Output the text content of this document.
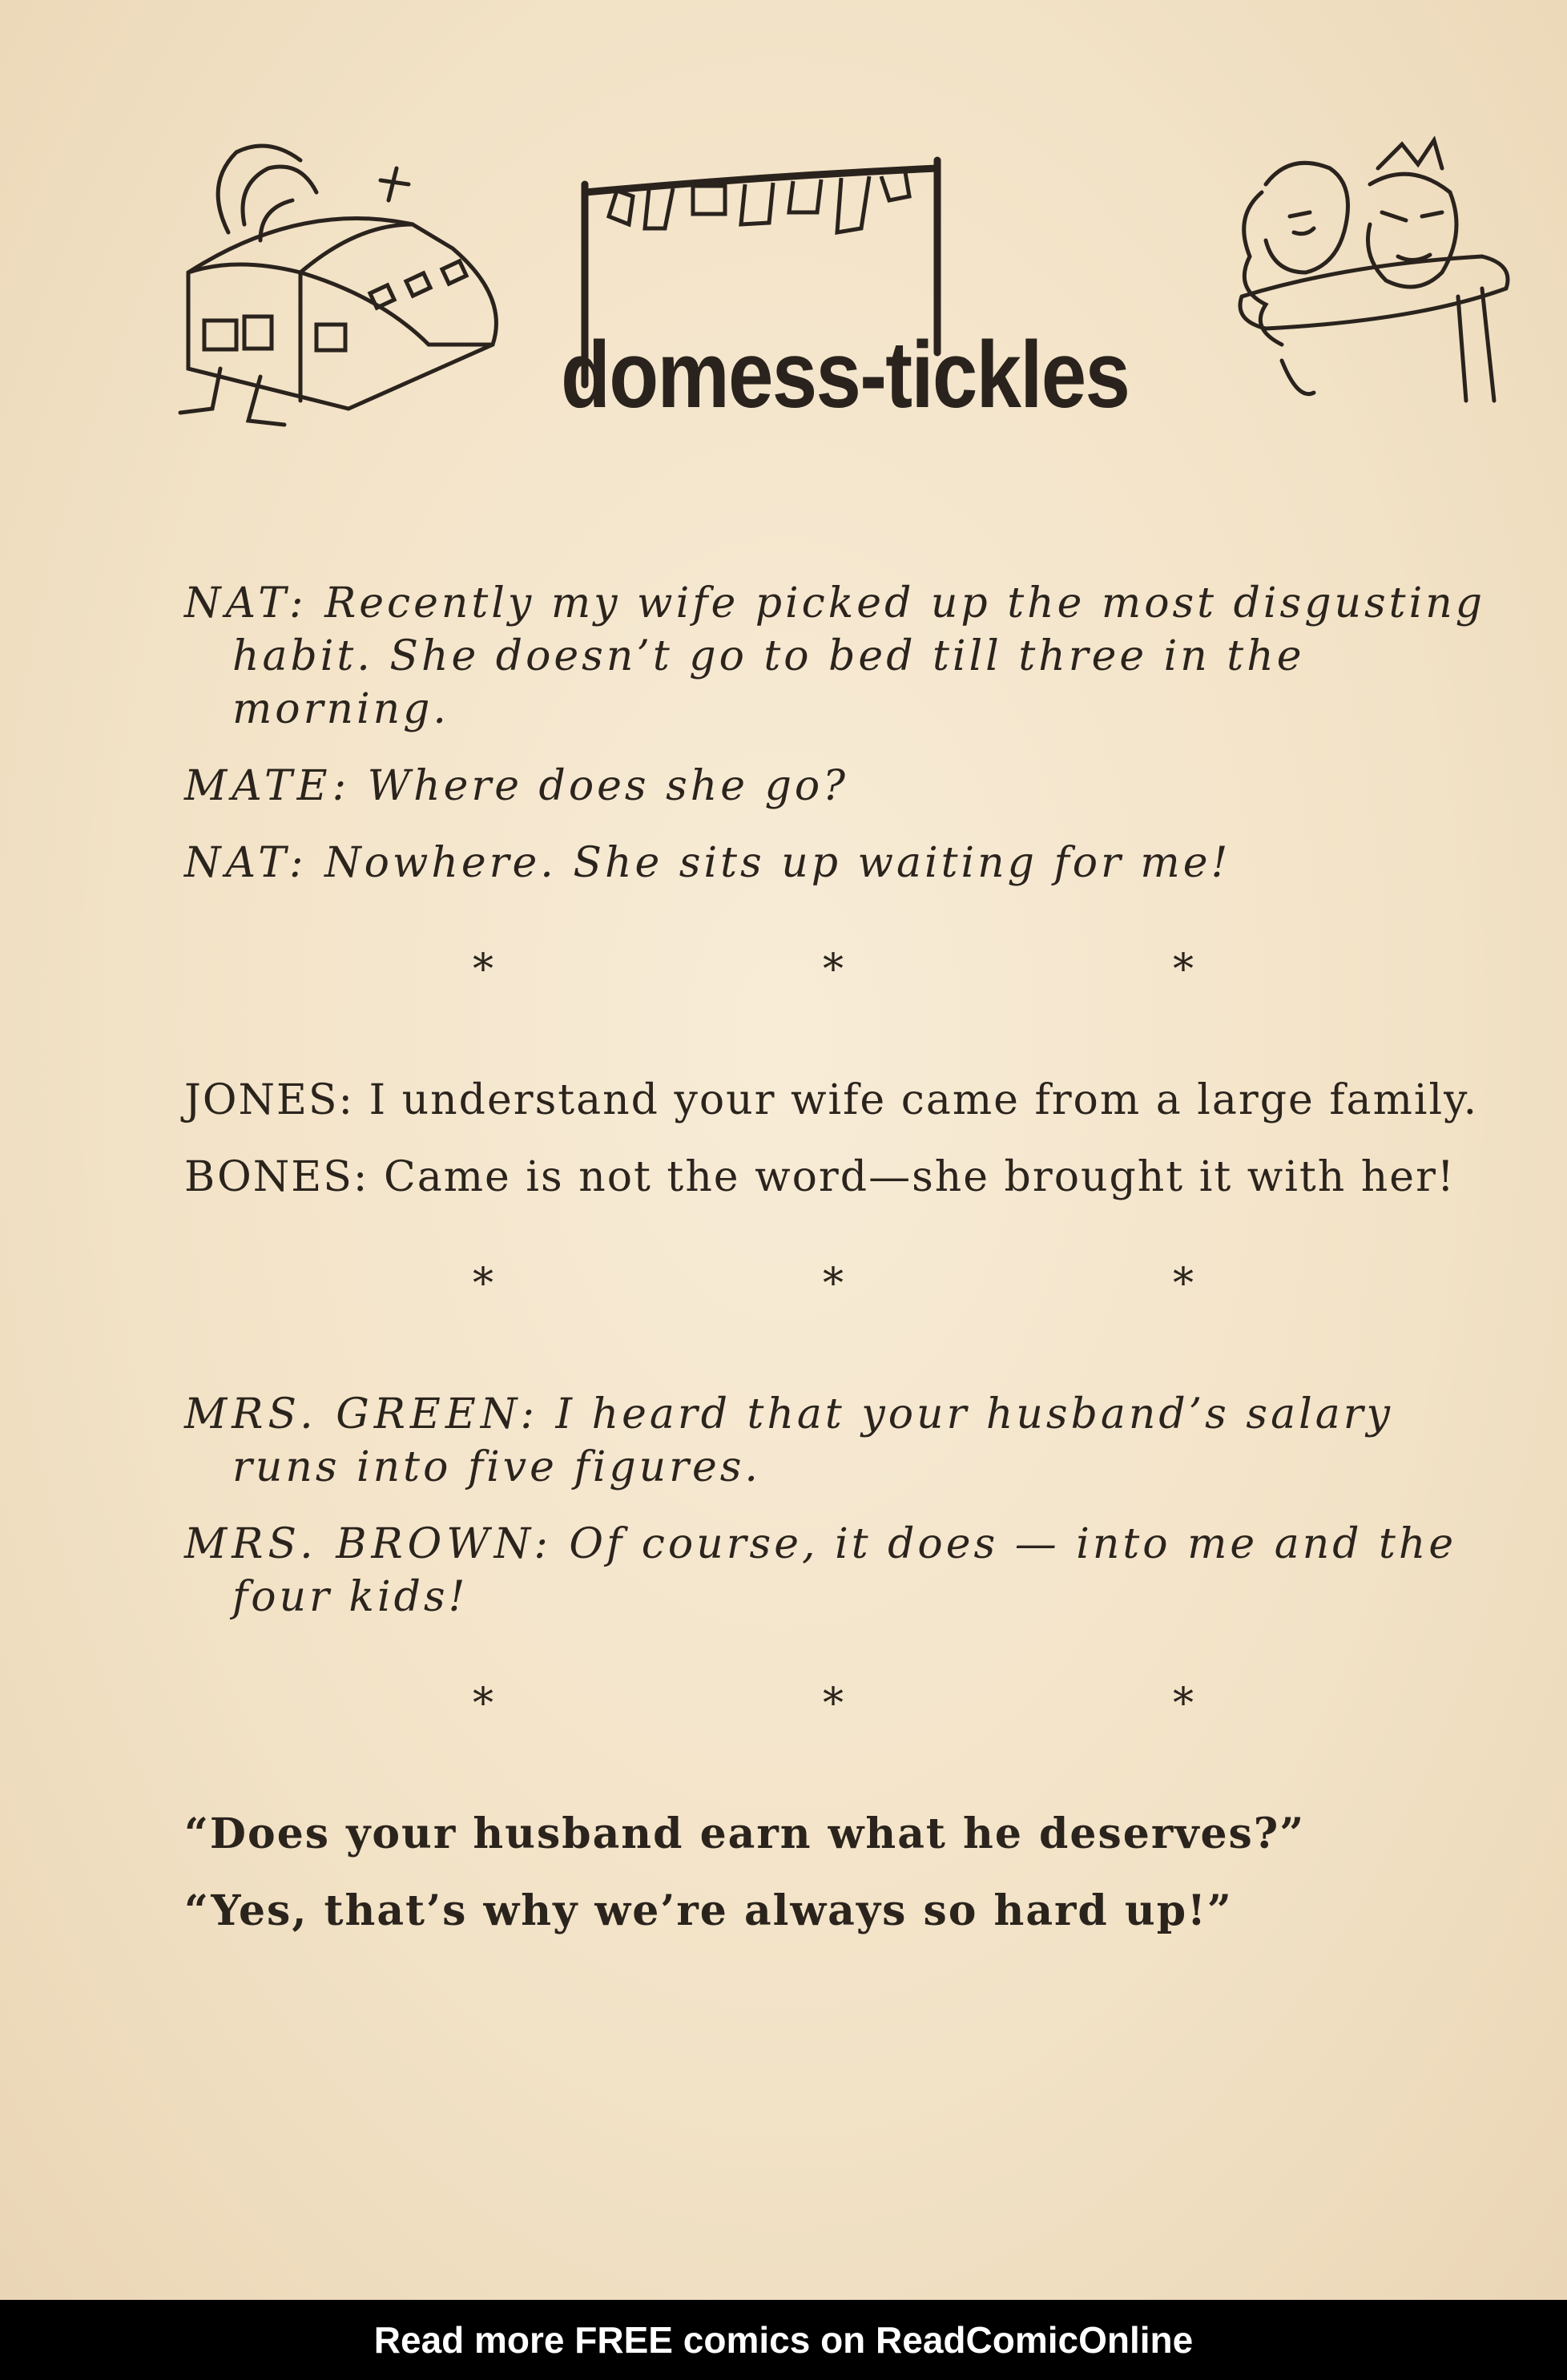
domess-tickles

NAT: Recently my wife picked up the most disgusting habit. She doesn’t go to bed till three in the morning.

MATE: Where does she go?

NAT: Nowhere. She sits up waiting for me!

*	*	*

JONES: I understand your wife came from a large family.

BONES: Came is not the word—she brought it with her!

*	*	*

MRS. GREEN: I heard that your husband’s salary runs into five figures.

MRS. BROWN: Of course, it does — into me and the four kids!

*	*	*

“Does your husband earn what he deserves?”

“Yes, that’s why we’re always so hard up!”

Read more FREE comics on ReadComicOnline
